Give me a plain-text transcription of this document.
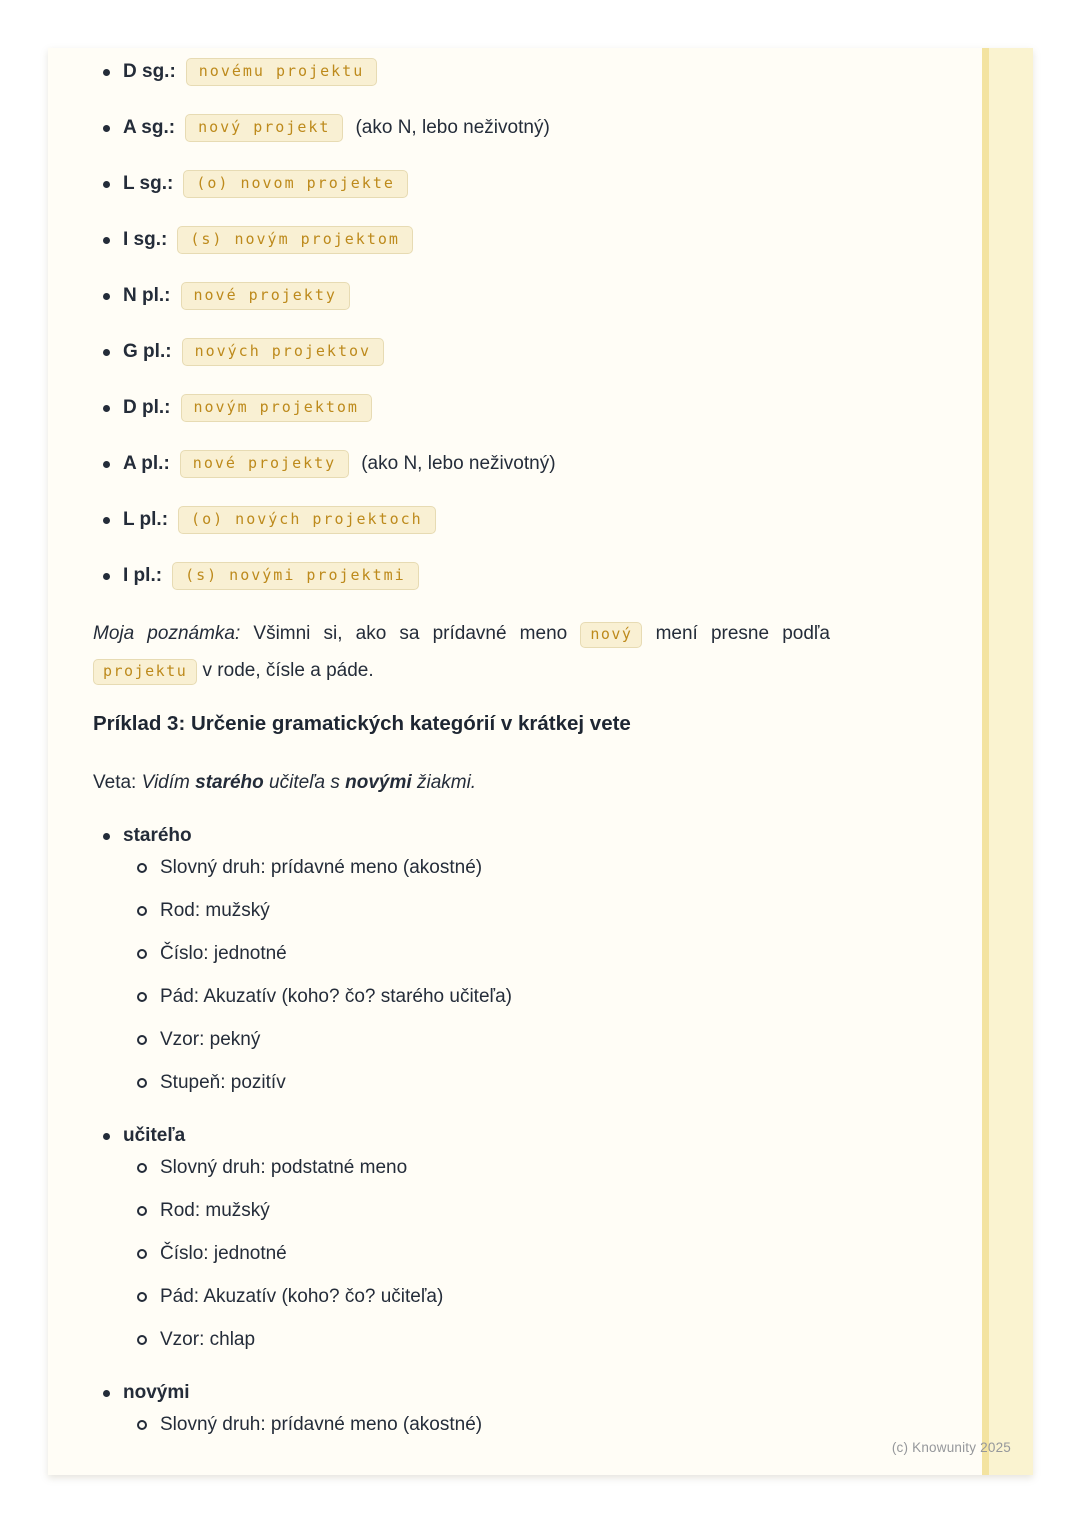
D sg.:	novému projektu
A sg.:	nový projekt	(ako N, lebo neživotný)
L sg.:	(o) novom projekte
I sg.:	(s) novým projektom
N pl.:	nové projekty
G pl.:	nových projektov
D pl.:	novým projektom
A pl.:	nové projekty	(ako N, lebo neživotný)
L pl.:	(o) nových projektoch
I pl.:	(s) novými projektmi

Moja poznámka: Všimni si, ako sa prídavné meno nový mení presne podľa projektu v rode, čísle a páde.

Príklad 3: Určenie gramatických kategórií v krátkej vete

Veta: Vidím starého učiteľa s novými žiakmi.

starého
Slovný druh: prídavné meno (akostné)
Rod: mužský
Číslo: jednotné
Pád: Akuzatív (koho? čo? starého učiteľa)
Vzor: pekný
Stupeň: pozitív
učiteľa
Slovný druh: podstatné meno
Rod: mužský
Číslo: jednotné
Pád: Akuzatív (koho? čo? učiteľa)
Vzor: chlap
novými
Slovný druh: prídavné meno (akostné)
(c) Knowunity 2025
